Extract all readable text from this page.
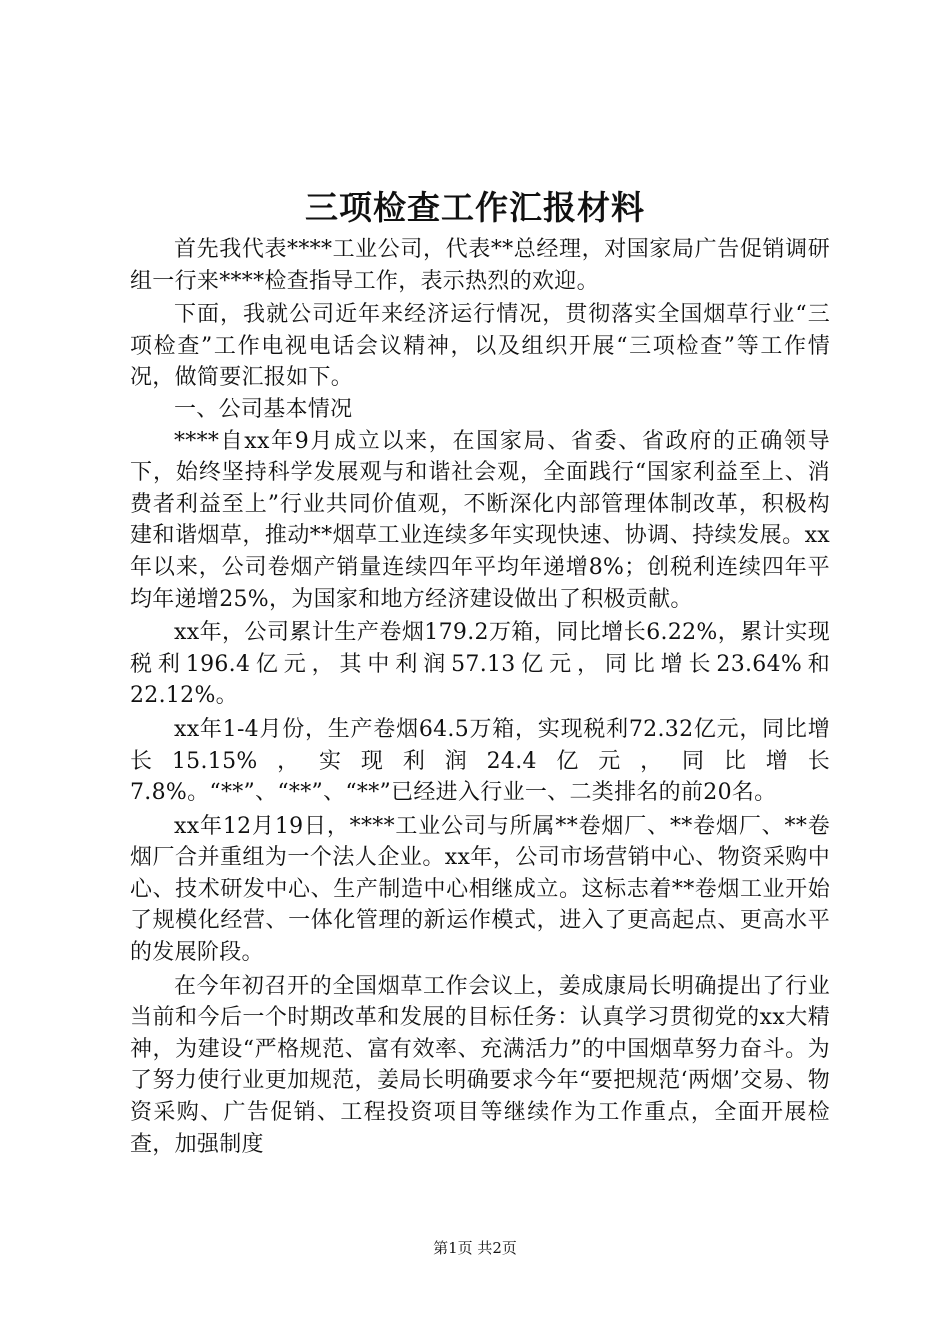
三项检查工作汇报材料

首先我代表****工业公司，代表**总经理，对国家局广告促销调研组一行来****检查指导工作，表示热烈的欢迎。

下面，我就公司近年来经济运行情况，贯彻落实全国烟草行业“三项检查”工作电视电话会议精神，以及组织开展“三项检查”等工作情况，做简要汇报如下。

一、公司基本情况

****自xx年9月成立以来，在国家局、省委、省政府的正确领导下，始终坚持科学发展观与和谐社会观，全面践行“国家利益至上、消费者利益至上”行业共同价值观，不断深化内部管理体制改革，积极构建和谐烟草，推动**烟草工业连续多年实现快速、协调、持续发展。xx年以来，公司卷烟产销量连续四年平均年递增8%；创税利连续四年平均年递增25%，为国家和地方经济建设做出了积极贡献。

xx年，公司累计生产卷烟179.2万箱，同比增长6.22%，累计实现税利196.4亿元，其中利润57.13亿元，同比增长23.64%和22.12%。

xx年1-4月份，生产卷烟64.5万箱，实现税利72.32亿元，同比增长15.15%，实现利润24.4亿元，同比增长7.8%。“**”、“**”、“**”已经进入行业一、二类排名的前20名。

xx年12月19日，****工业公司与所属**卷烟厂、**卷烟厂、**卷烟厂合并重组为一个法人企业。xx年，公司市场营销中心、物资采购中心、技术研发中心、生产制造中心相继成立。这标志着**卷烟工业开始了规模化经营、一体化管理的新运作模式，进入了更高起点、更高水平的发展阶段。

在今年初召开的全国烟草工作会议上，姜成康局长明确提出了行业当前和今后一个时期改革和发展的目标任务：认真学习贯彻党的xx大精神，为建设“严格规范、富有效率、充满活力”的中国烟草努力奋斗。为了努力使行业更加规范，姜局长明确要求今年“要把规范‘两烟’交易、物资采购、广告促销、工程投资项目等继续作为工作重点，全面开展检查，加强制度

第1页 共2页
